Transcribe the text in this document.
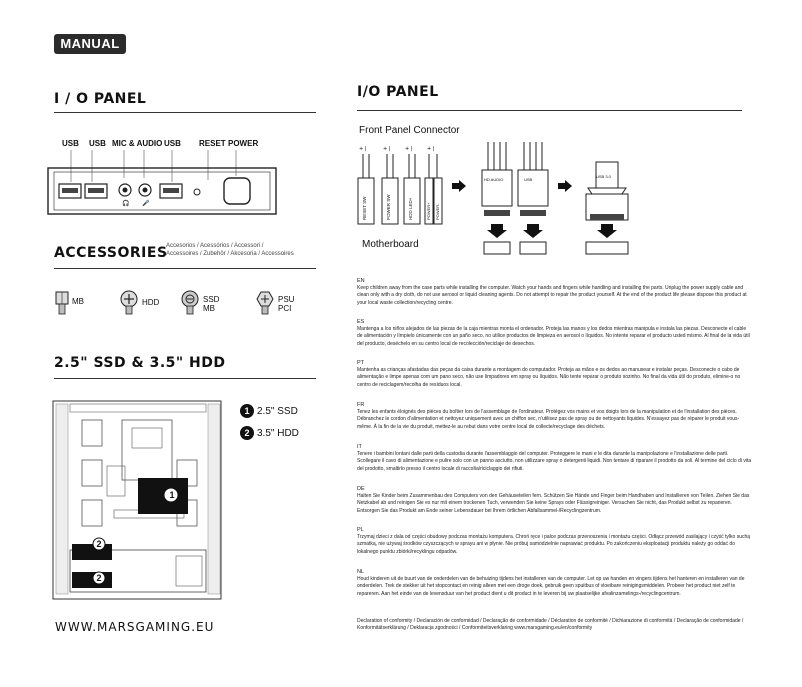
MANUAL
I / O PANEL
USB USB MIC & AUDIO USB RESET POWER
🎧 🎤
ACCESSORIES
Accesorios / Acessórios / Accessori /
Accessoires / Zubehör / Akcesoria / Accessoires
MB	HDD	SSD
MB
PSU
PCI
2.5" SSD & 3.5" HDD
1
2
2
1 2.5" SSD
2 3.5" HDD
WWW.MARSGAMING.EU
I/O PANEL
Front Panel Connector
+ |	+ |	+ |	+ |
RESET SW	POWER SW	HDD LED+	POWER+ POWER-
Motherboard
HD AUDIO	USB
USB 3.0
EN
Keep children away from the case parts while installing the computer. Watch your hands and fingers while handling and installing the parts. Unplug the power supply cable and clean only with a dry cloth, do not use aerosol or liquid cleaning agents. Do not attempt to repair the product yourself. At the end of the product life please dispose this product at your local waste collection/recycling centre.
ES
Mantenga a los niños alejados de las piezas de la caja mientras monta el ordenador. Proteja las manos y los dedos mientras manipula e instala las piezas. Desconecte el cable de alimentación y límpielo únicamente con un paño seco, no utilice productos de limpieza en aerosol o líquidos. No intente reparar el producto usted mismo. Al final de la vida útil del producto, deséchelo en su centro local de recolección/reciclaje de desechos.
PT
Mantenha as crianças afastadas das peças da caixa durante a montagem do computador. Proteja as mãos e os dedos ao manusear e instalar peças. Desconecte o cabo de alimentação e limpe apenas com um pano seco, não use limpadores em spray ou líquidos. Não tente reparar o produto sozinho. No final da vida útil do produto, elimine-o no centro de reciclagem/recolha de resíduos local.
FR
Tenez les enfants éloignés des pièces du boîtier lors de l'assemblage de l'ordinateur. Protégez vos mains et vos doigts lors de la manipulation et de l'installation des pièces. Débranchez le cordon d'alimentation et nettoyez uniquement avec un chiffon sec, n'utilisez pas de spray ou de nettoyants liquides. N'essayez pas de réparer le produit vous-même. À la fin de la vie du produit, mettez-le au rebut dans votre centre local de collecte/recyclage des déchets.
IT
Tenere i bambini lontani dalle parti della custodia durante l'assemblaggio del computer. Proteggere le mani e le dita durante la manipolazione e l'installazione delle parti. Scollegare il cavo di alimentazione e pulire solo con un panno asciutto, non utilizzare spray o detergenti liquidi. Non tentare di riparare il prodotto da soli. Al termine del ciclo di vita del prodotto, smaltirlo presso il centro locale di raccolta/riciclaggio dei rifiuti.
DE
Halten Sie Kinder beim Zusammenbau des Computers von den Gehäuseteilen fern. Schützen Sie Hände und Finger beim Handhaben und Installieren von Teilen. Ziehen Sie das Netzkabel ab und reinigen Sie es nur mit einem trockenen Tuch, verwenden Sie keine Sprays oder Flüssigreiniger. Versuchen Sie nicht, das Produkt selbst zu reparieren. Entsorgen Sie das Produkt am Ende seiner Lebensdauer bei Ihrem örtlichen Abfallsammel-/Recyclingzentrum.
PL
Trzymaj dzieci z dala od części obudowy podczas montażu komputera. Chroń ręce i palce podczas przenoszenia i montażu części. Odłącz przewód zasilający i czyść tylko suchą szmatką, nie używaj środków czyszczących w sprayu ani w płynie. Nie próbuj samodzielnie naprawiać produktu. Po zakończeniu eksploatacji produktu należy go oddać do lokalnego punktu zbiórki/recyklingu odpadów.
NL
Houd kinderen uit de buurt van de onderdelen van de behuizing tijdens het installeren van de computer. Let op uw handen en vingers tijdens het hanteren en installeren van de onderdelen. Trek de stekker uit het stopcontact en reinig alleen met een droge doek, gebruik geen spuitbus of vloeibare reinigingsmiddelen. Probeer het product niet zelf te repareren. Aan het einde van de levensduur van het product dient u dit product in te leveren bij uw plaatselijke afvalinzamelings-/recyclingcentrum.
Declaration of conformity / Declaración de conformidad / Declaração de conformidade / Déclaration de conformité / Dichiarazione di conformità / Declaração de conformidade / Konformitätserklärung / Deklaracja zgodności / Conformiteitsverklaring www.marsgaming.eu/en/conformity
